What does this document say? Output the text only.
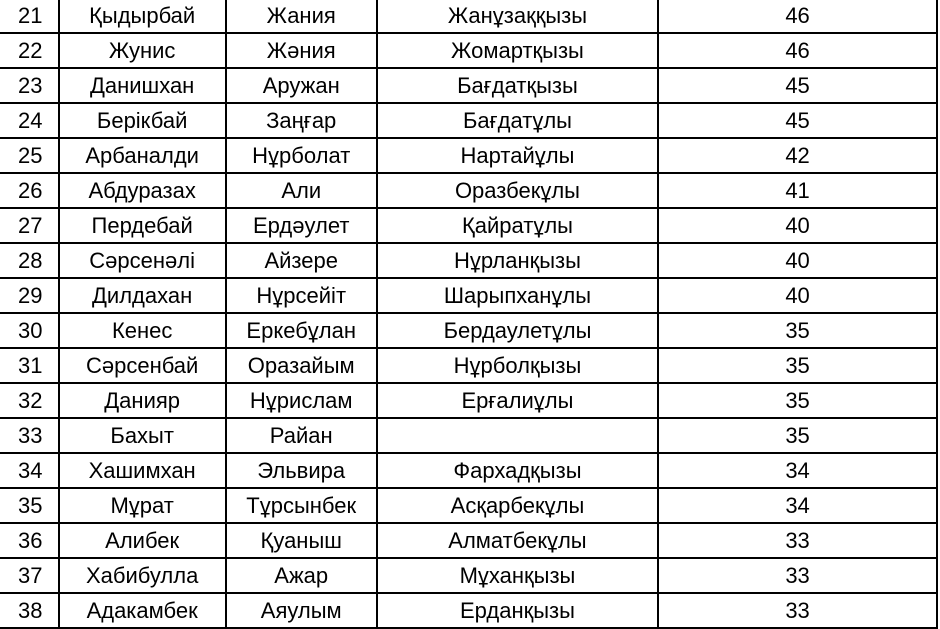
21	Қыдырбай	Жания	Жанұзаққызы	46
22	Жунис	Жәния	Жомартқызы	46
23	Данишхан	Аружан	Бағдатқызы	45
24	Берікбай	Заңғар	Бағдатұлы	45
25	Арбаналди	Нұрболат	Нартайұлы	42
26	Абдуразах	Али	Оразбекұлы	41
27	Пердебай	Ердәулет	Қайратұлы	40
28	Сәрсенәлі	Айзере	Нұрланқызы	40
29	Дилдахан	Нұрсейіт	Шарыпханұлы	40
30	Кенес	Еркебұлан	Бердаулетұлы	35
31	Сәрсенбай	Оразайым	Нұрболқызы	35
32	Данияр	Нұрислам	Ерғалиұлы	35
33	Бахыт	Райан		35
34	Хашимхан	Эльвира	Фархадқызы	34
35	Мұрат	Тұрсынбек	Асқарбекұлы	34
36	Алибек	Қуаныш	Алматбекұлы	33
37	Хабибулла	Ажар	Мұханқызы	33
38	Адакамбек	Аяулым	Ерданқызы	33
